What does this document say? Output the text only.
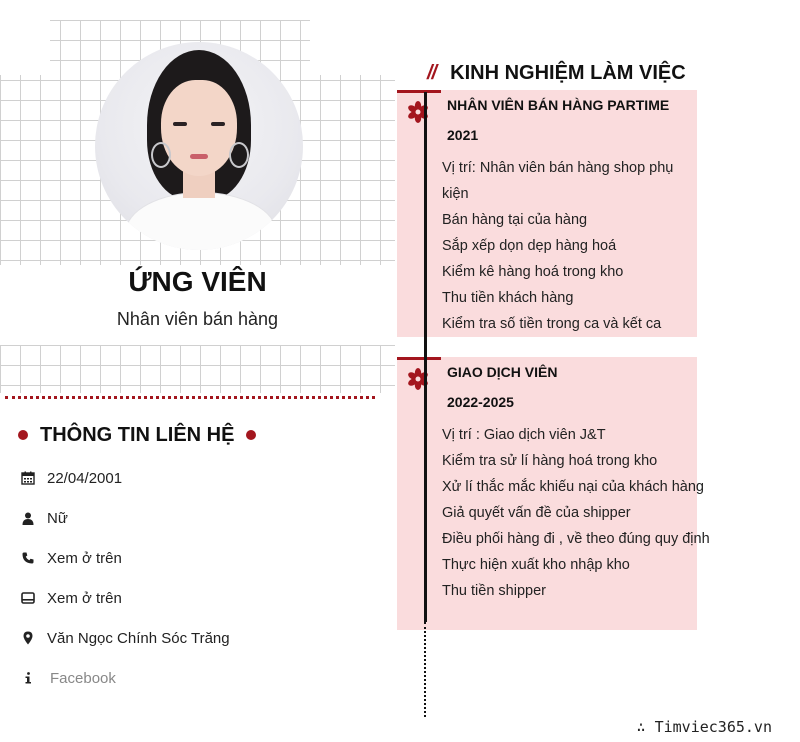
ỨNG VIÊN
Nhân viên bán hàng
THÔNG TIN LIÊN HỆ
22/04/2001
Nữ
Xem ở trên
Xem ở trên
Văn Ngọc Chính Sóc Trăng
Facebook
// KINH NGHIỆM LÀM VIỆC
NHÂN VIÊN BÁN HÀNG PARTIME
2021
Vị trí: Nhân viên bán hàng shop phụ kiện
Bán hàng tại của hàng
Sắp xếp dọn dẹp hàng hoá
Kiểm kê hàng hoá trong kho
Thu tiền khách hàng
Kiểm tra số tiền trong ca và kết ca
GIAO DỊCH VIÊN
2022-2025
Vị trí : Giao dịch viên J&T
Kiểm tra sử lí hàng hoá trong kho
Xử lí thắc mắc khiếu nại của khách hàng
Giả quyết vấn đề của shipper
Điều phối hàng đi , về theo đúng quy định
Thực hiện xuất kho nhập kho
Thu tiền shipper
∴ Timviec365.vn
